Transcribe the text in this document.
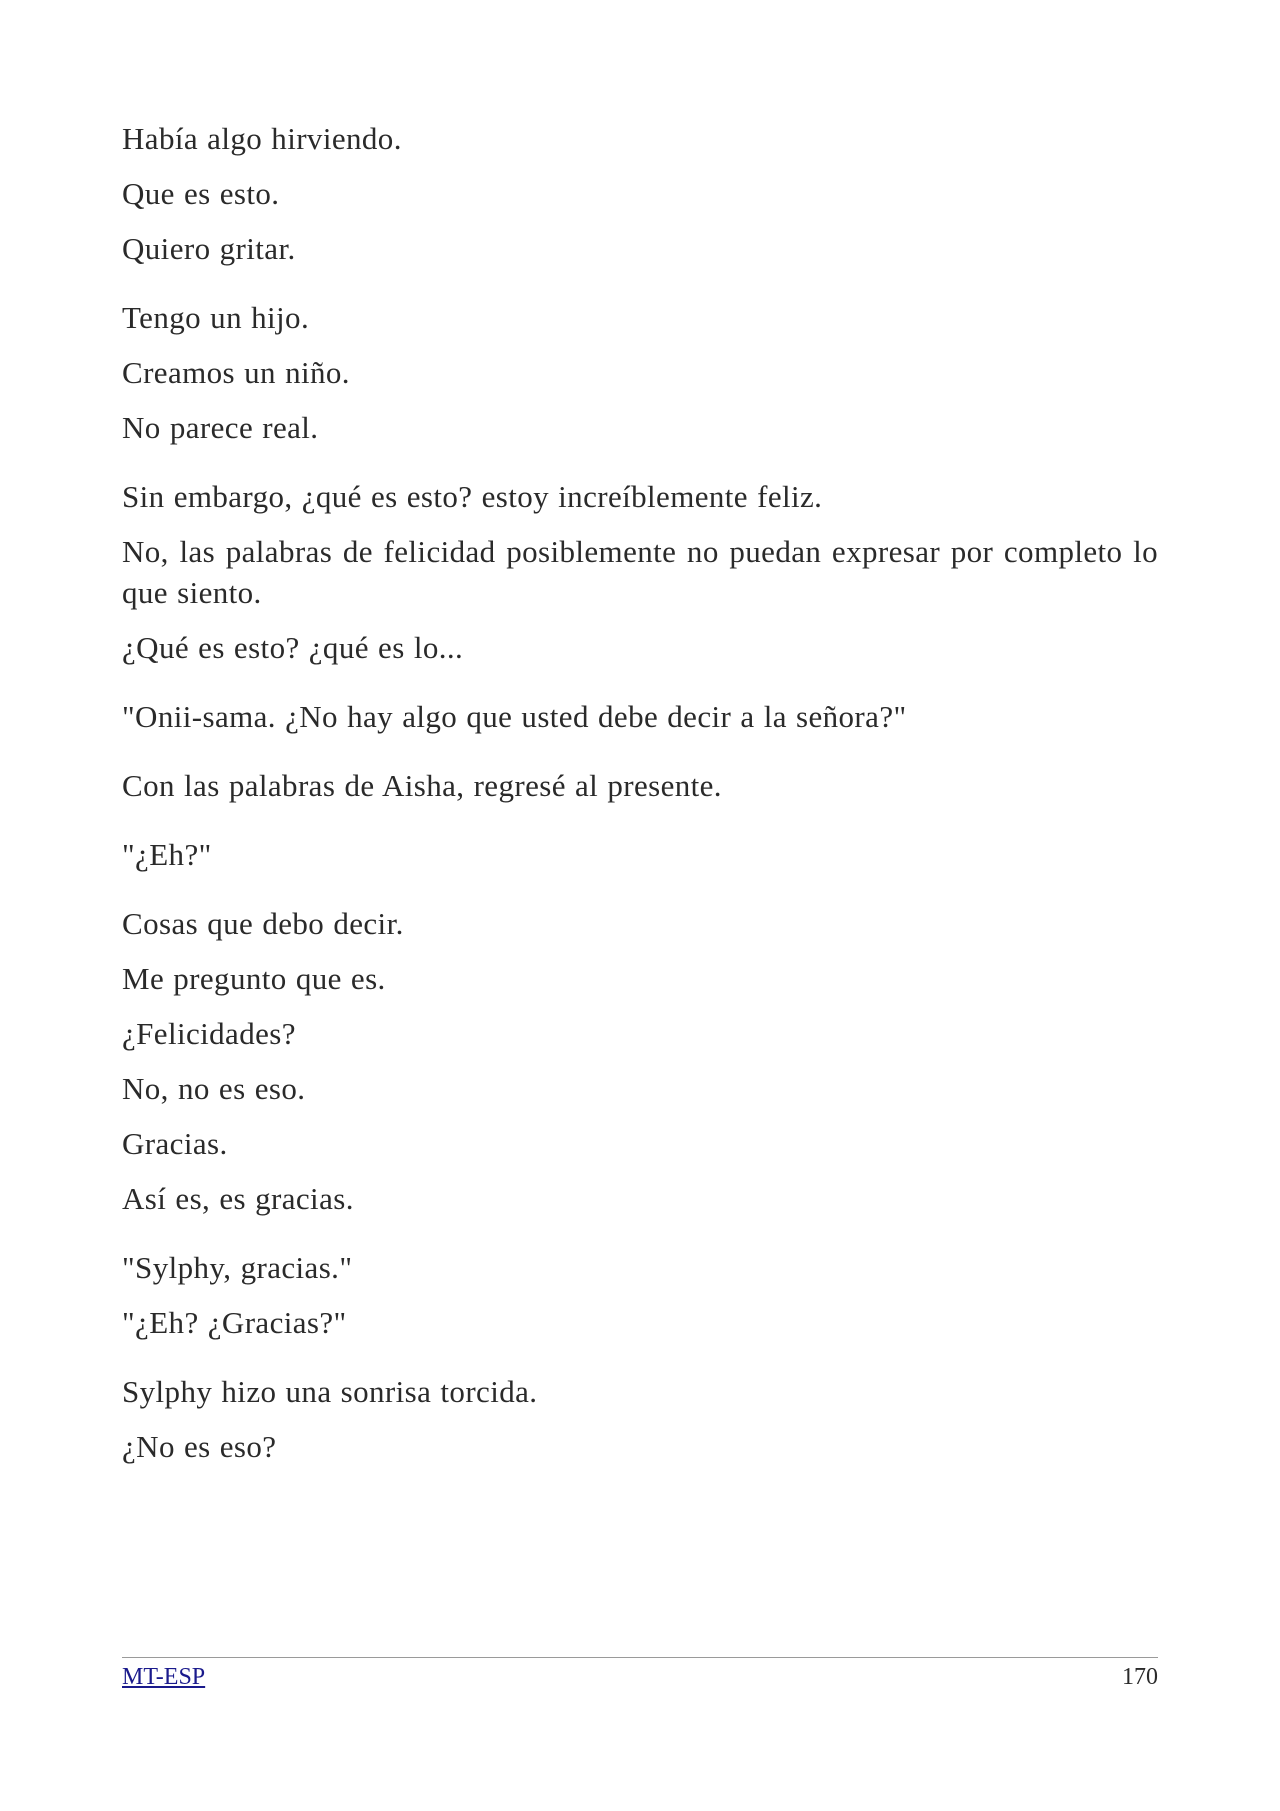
Había algo hirviendo.

Que es esto.

Quiero gritar.

Tengo un hijo.

Creamos un niño.

No parece real.

Sin embargo, ¿qué es esto? estoy increíblemente feliz.

No, las palabras de felicidad posiblemente no puedan expresar por completo lo que siento.

¿Qué es esto? ¿qué es lo...

"Onii-sama. ¿No hay algo que usted debe decir a la señora?"

Con las palabras de Aisha, regresé al presente.

"¿Eh?"

Cosas que debo decir.

Me pregunto que es.

¿Felicidades?

No, no es eso.

Gracias.

Así es, es gracias.

"Sylphy, gracias."

"¿Eh? ¿Gracias?"

Sylphy hizo una sonrisa torcida.

¿No es eso?

MT-ESP	170
